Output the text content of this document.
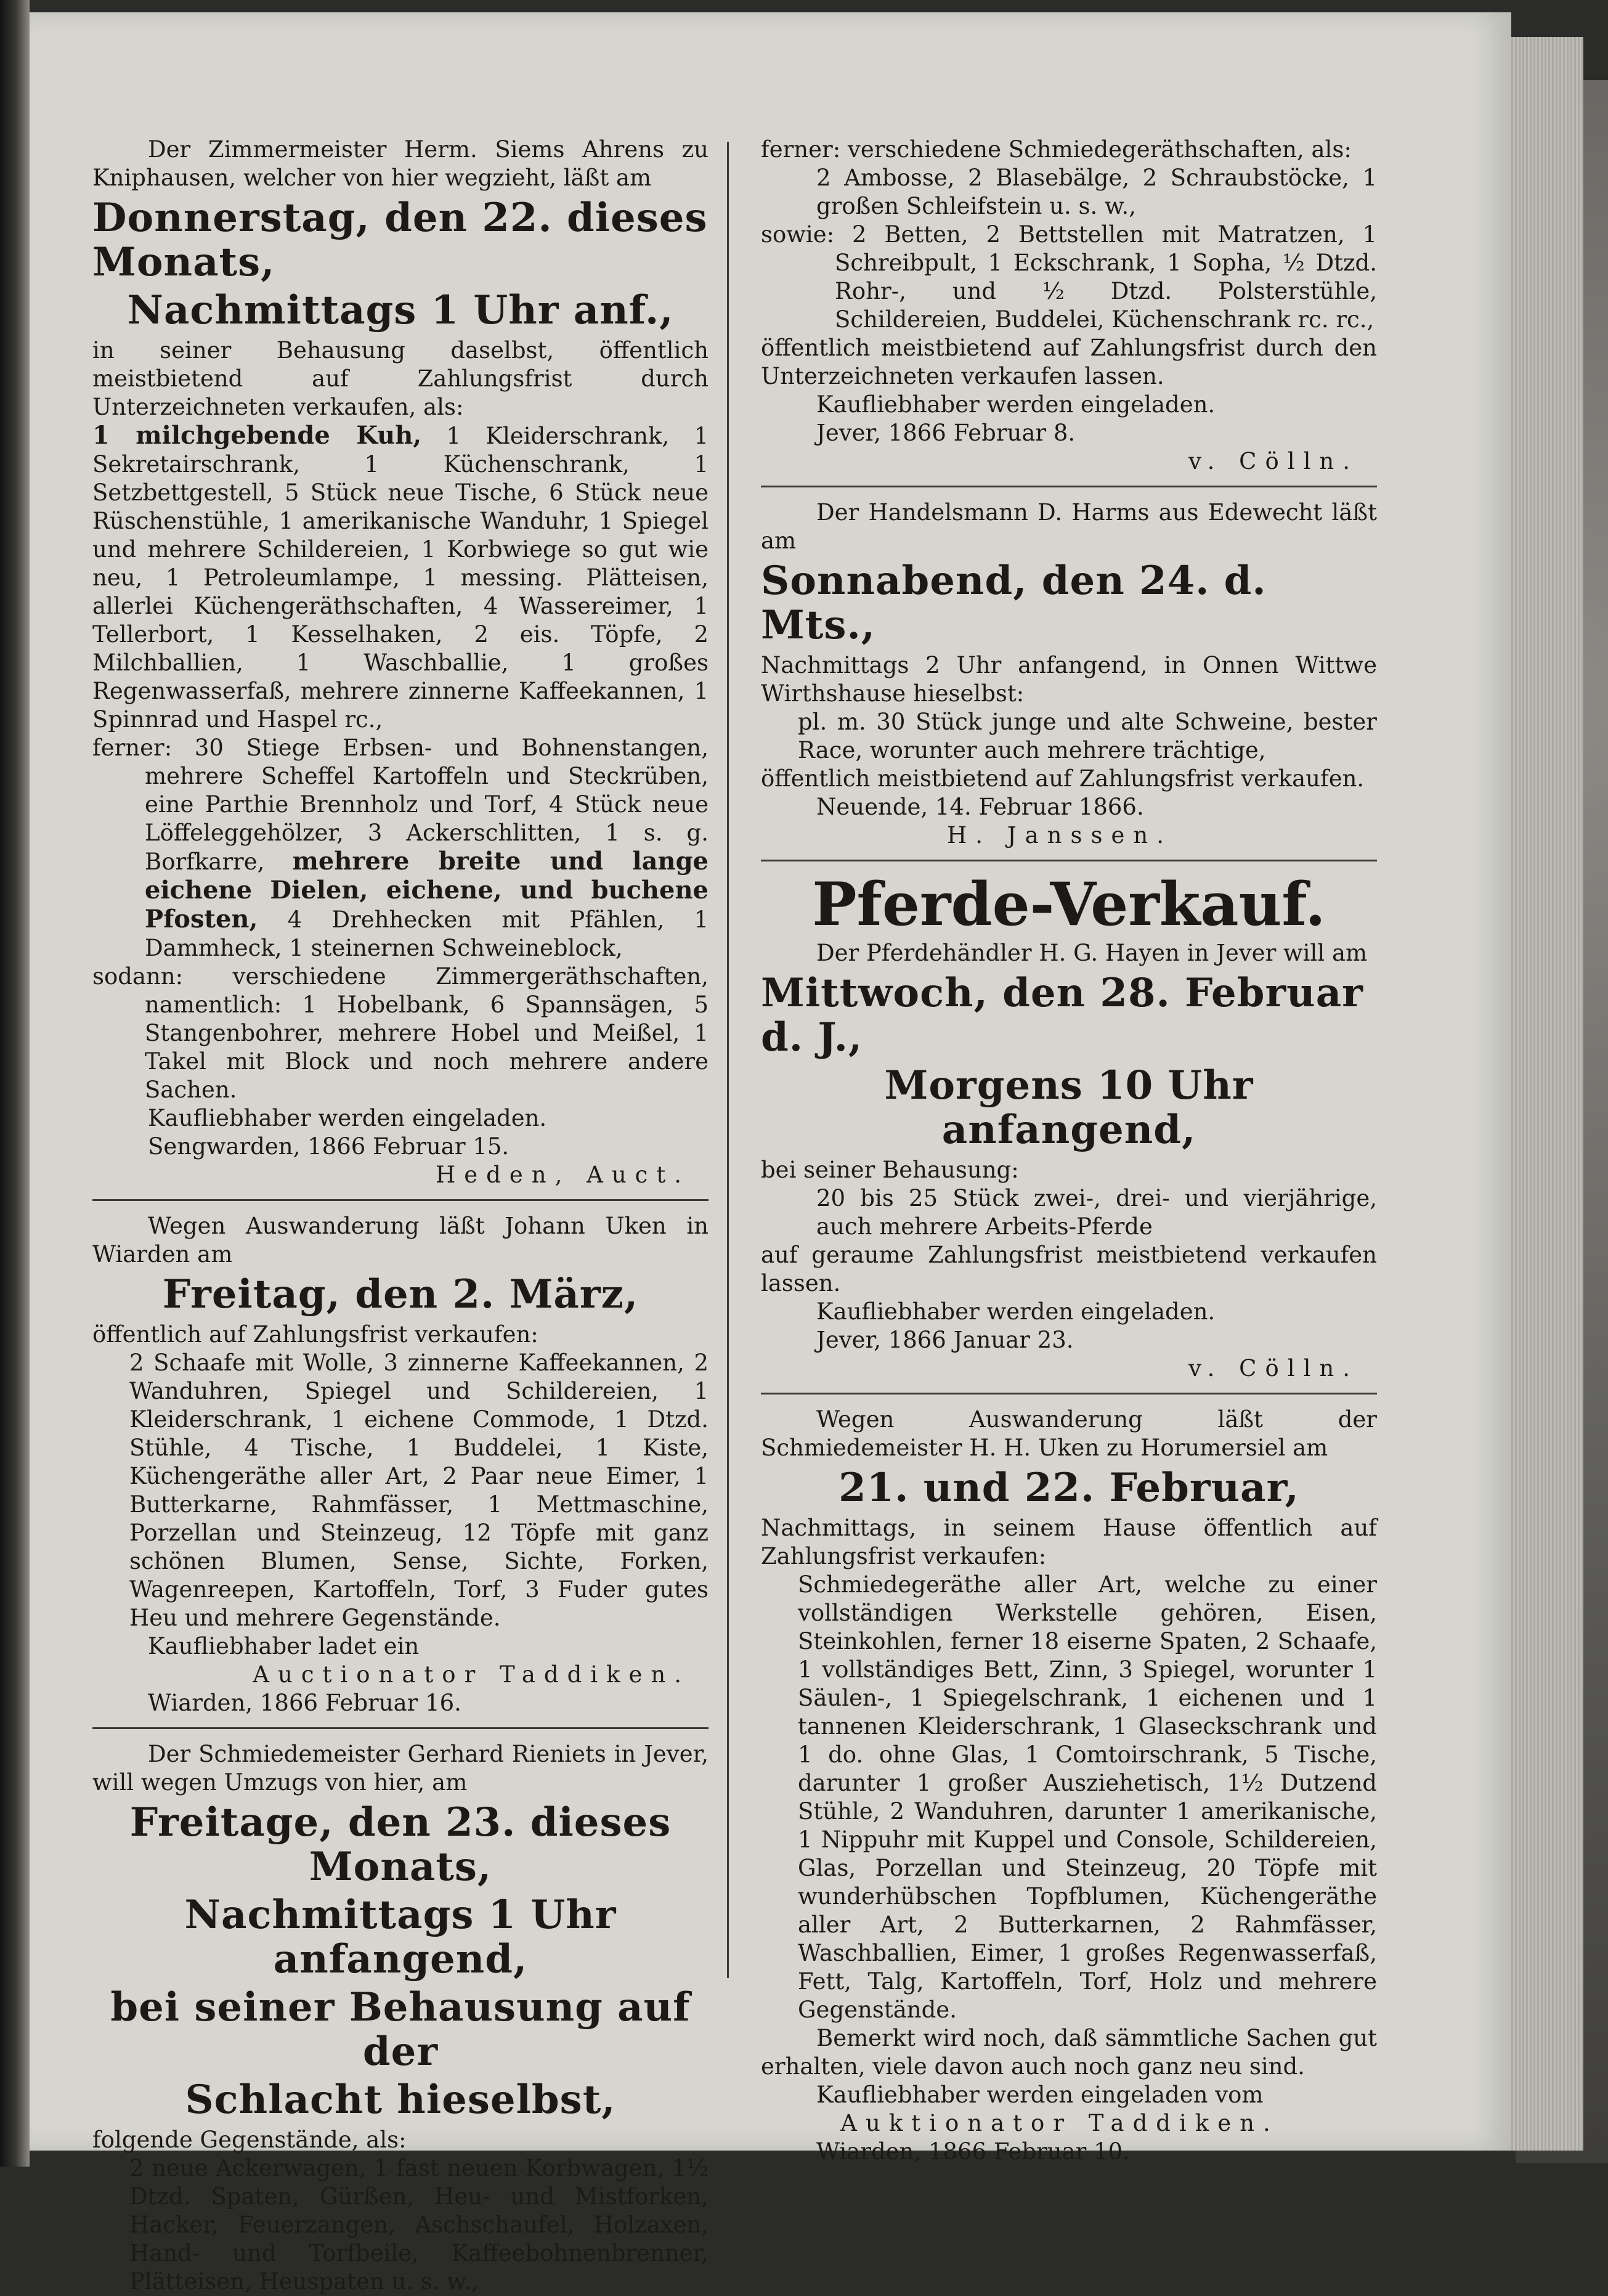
Der Zimmermeister Herm. Siems Ahrens zu Kniphausen, welcher von hier wegzieht, läßt am

Donnerstag, den 22. dieses Monats,

Nachmittags 1 Uhr anf.,

in seiner Behausung daselbst, öffentlich meistbietend auf Zahlungsfrist durch Unterzeichneten verkaufen, als:

1 milchgebende Kuh, 1 Kleiderschrank, 1 Sekretairschrank, 1 Küchenschrank, 1 Setzbettgestell, 5 Stück neue Tische, 6 Stück neue Rüschenstühle, 1 amerikanische Wanduhr, 1 Spiegel und mehrere Schildereien, 1 Korbwiege so gut wie neu, 1 Petroleumlampe, 1 messing. Plätteisen, allerlei Küchengeräthschaften, 4 Wassereimer, 1 Tellerbort, 1 Kesselhaken, 2 eis. Töpfe, 2 Milchballien, 1 Waschballie, 1 großes Regenwasserfaß, mehrere zinnerne Kaffeekannen, 1 Spinnrad und Haspel rc.,

ferner: 30 Stiege Erbsen- und Bohnenstangen, mehrere Scheffel Kartoffeln und Steckrüben, eine Parthie Brennholz und Torf, 4 Stück neue Löffeleggehölzer, 3 Ackerschlitten, 1 s. g. Borfkarre, mehrere breite und lange eichene Dielen, eichene, und buchene Pfosten, 4 Drehhecken mit Pfählen, 1 Dammheck, 1 steinernen Schweineblock,

sodann: verschiedene Zimmergeräthschaften, namentlich: 1 Hobelbank, 6 Spannsägen, 5 Stangenbohrer, mehrere Hobel und Meißel, 1 Takel mit Block und noch mehrere andere Sachen.

Kaufliebhaber werden eingeladen.

Sengwarden, 1866 Februar 15.

Heden, Auct.

Wegen Auswanderung läßt Johann Uken in Wiarden am

Freitag, den 2. März,

öffentlich auf Zahlungsfrist verkaufen:

2 Schaafe mit Wolle, 3 zinnerne Kaffeekannen, 2 Wanduhren, Spiegel und Schildereien, 1 Kleiderschrank, 1 eichene Commode, 1 Dtzd. Stühle, 4 Tische, 1 Buddelei, 1 Kiste, Küchengeräthe aller Art, 2 Paar neue Eimer, 1 Butterkarne, Rahmfässer, 1 Mettmaschine, Porzellan und Steinzeug, 12 Töpfe mit ganz schönen Blumen, Sense, Sichte, Forken, Wagenreepen, Kartoffeln, Torf, 3 Fuder gutes Heu und mehrere Gegenstände.

Kaufliebhaber ladet ein

Auctionator Taddiken.

Wiarden, 1866 Februar 16.

Der Schmiedemeister Gerhard Rieniets in Jever, will wegen Umzugs von hier, am

Freitage, den 23. dieses Monats,

Nachmittags 1 Uhr anfangend,

bei seiner Behausung auf der

Schlacht hieselbst,

folgende Gegenstände, als:

2 neue Ackerwagen, 1 fast neuen Korbwagen, 1½ Dtzd. Spaten, Gürßen, Heu- und Mistforken, Hacker, Feuerzangen, Aschschaufel, Holzaxen, Hand- und Torfbeile, Kaffeebohnenbrenner, Plätteisen, Heuspaten u. s. w.,

ferner: verschiedene Schmiedegeräthschaften, als:

2 Ambosse, 2 Blasebälge, 2 Schraubstöcke, 1 großen Schleifstein u. s. w.,

sowie: 2 Betten, 2 Bettstellen mit Matratzen, 1 Schreibpult, 1 Eckschrank, 1 Sopha, ½ Dtzd. Rohr-, und ½ Dtzd. Polsterstühle, Schildereien, Buddelei, Küchenschrank rc. rc.,

öffentlich meistbietend auf Zahlungsfrist durch den Unterzeichneten verkaufen lassen.

Kaufliebhaber werden eingeladen.

Jever, 1866 Februar 8.

v. Cölln.

Der Handelsmann D. Harms aus Edewecht läßt am

Sonnabend, den 24. d. Mts.,

Nachmittags 2 Uhr anfangend, in Onnen Wittwe Wirthshause hieselbst:

pl. m. 30 Stück junge und alte Schweine, bester Race, worunter auch mehrere trächtige,

öffentlich meistbietend auf Zahlungsfrist verkaufen.

Neuende, 14. Februar 1866.

H. Janssen.

Pferde-Verkauf.

Der Pferdehändler H. G. Hayen in Jever will am

Mittwoch, den 28. Februar d. J.,

Morgens 10 Uhr anfangend,

bei seiner Behausung:

20 bis 25 Stück zwei-, drei- und vierjährige, auch mehrere Arbeits-Pferde

auf geraume Zahlungsfrist meistbietend verkaufen lassen.

Kaufliebhaber werden eingeladen.

Jever, 1866 Januar 23.

v. Cölln.

Wegen Auswanderung läßt der Schmiedemeister H. H. Uken zu Horumersiel am

21. und 22. Februar,

Nachmittags, in seinem Hause öffentlich auf Zahlungsfrist verkaufen:

Schmiedegeräthe aller Art, welche zu einer vollständigen Werkstelle gehören, Eisen, Steinkohlen, ferner 18 eiserne Spaten, 2 Schaafe, 1 vollständiges Bett, Zinn, 3 Spiegel, worunter 1 Säulen-, 1 Spiegelschrank, 1 eichenen und 1 tannenen Kleiderschrank, 1 Glaseckschrank und 1 do. ohne Glas, 1 Comtoirschrank, 5 Tische, darunter 1 großer Ausziehetisch, 1½ Dutzend Stühle, 2 Wanduhren, darunter 1 amerikanische, 1 Nippuhr mit Kuppel und Console, Schildereien, Glas, Porzellan und Steinzeug, 20 Töpfe mit wunderhübschen Topfblumen, Küchengeräthe aller Art, 2 Butterkarnen, 2 Rahmfässer, Waschballien, Eimer, 1 großes Regenwasserfaß, Fett, Talg, Kartoffeln, Torf, Holz und mehrere Gegenstände.

Bemerkt wird noch, daß sämmtliche Sachen gut erhalten, viele davon auch noch ganz neu sind.

Kaufliebhaber werden eingeladen vom

Auktionator Taddiken.

Wiarden, 1866 Februar 10.
